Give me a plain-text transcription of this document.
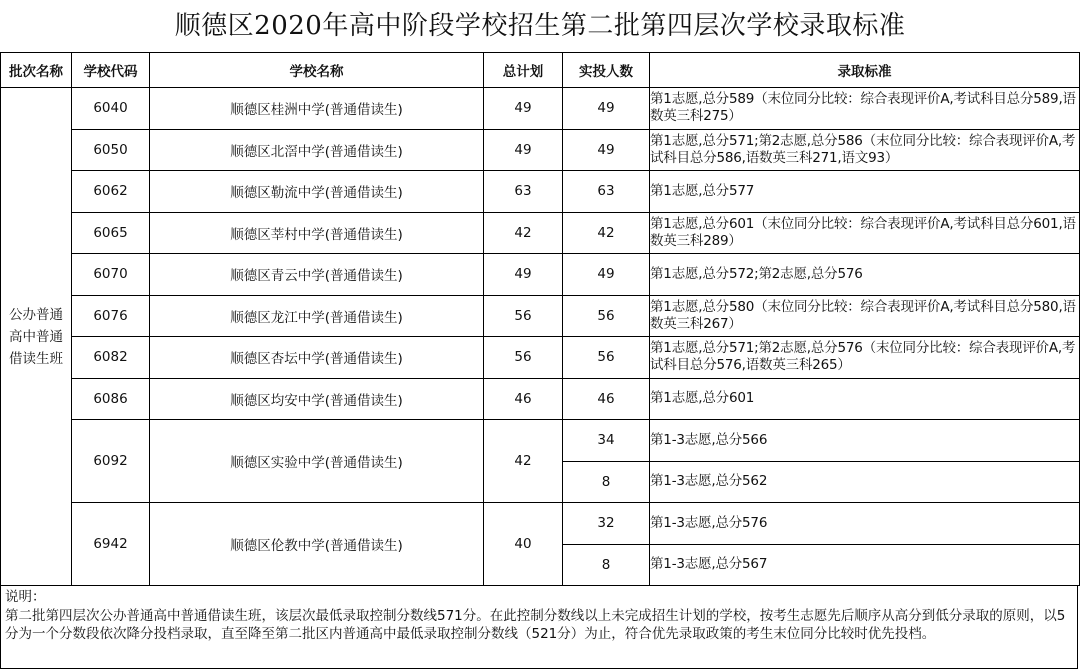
顺德区2020年高中阶段学校招生第二批第四层次学校录取标准
批次名称	学校代码	学校名称	总计划	实投人数	录取标准

公办普通
高中普通
借读生班	6040	顺德区桂洲中学(普通借读生)	49	49	第1志愿,总分589（末位同分比较：综合表现评价A,考试科目总分589,语数英三科275）
	6050	顺德区北滘中学(普通借读生)	49	49	第1志愿,总分571;第2志愿,总分586（末位同分比较：综合表现评价A,考试科目总分586,语数英三科271,语文93）
	6062	顺德区勒流中学(普通借读生)	63	63	第1志愿,总分577
	6065	顺德区莘村中学(普通借读生)	42	42	第1志愿,总分601（末位同分比较：综合表现评价A,考试科目总分601,语数英三科289）
	6070	顺德区青云中学(普通借读生)	49	49	第1志愿,总分572;第2志愿,总分576
	6076	顺德区龙江中学(普通借读生)	56	56	第1志愿,总分580（末位同分比较：综合表现评价A,考试科目总分580,语数英三科267）
	6082	顺德区杏坛中学(普通借读生)	56	56	第1志愿,总分571;第2志愿,总分576（末位同分比较：综合表现评价A,考试科目总分576,语数英三科265）
	6086	顺德区均安中学(普通借读生)	46	46	第1志愿,总分601
	6092	顺德区实验中学(普通借读生)	42	34	第1-3志愿,总分566
				8	第1-3志愿,总分562
	6942	顺德区伦教中学(普通借读生)	40	32	第1-3志愿,总分576
				8	第1-3志愿,总分567

说明：

第二批第四层次公办普通高中普通借读生班，该层次最低录取控制分数线571分。在此控制分数线以上未完成招生计划的学校，按考生志愿先后顺序从高分到低分录取的原则，以5分为一个分数段依次降分投档录取，直至降至第二批区内普通高中最低录取控制分数线（521分）为止，符合优先录取政策的考生末位同分比较时优先投档。
